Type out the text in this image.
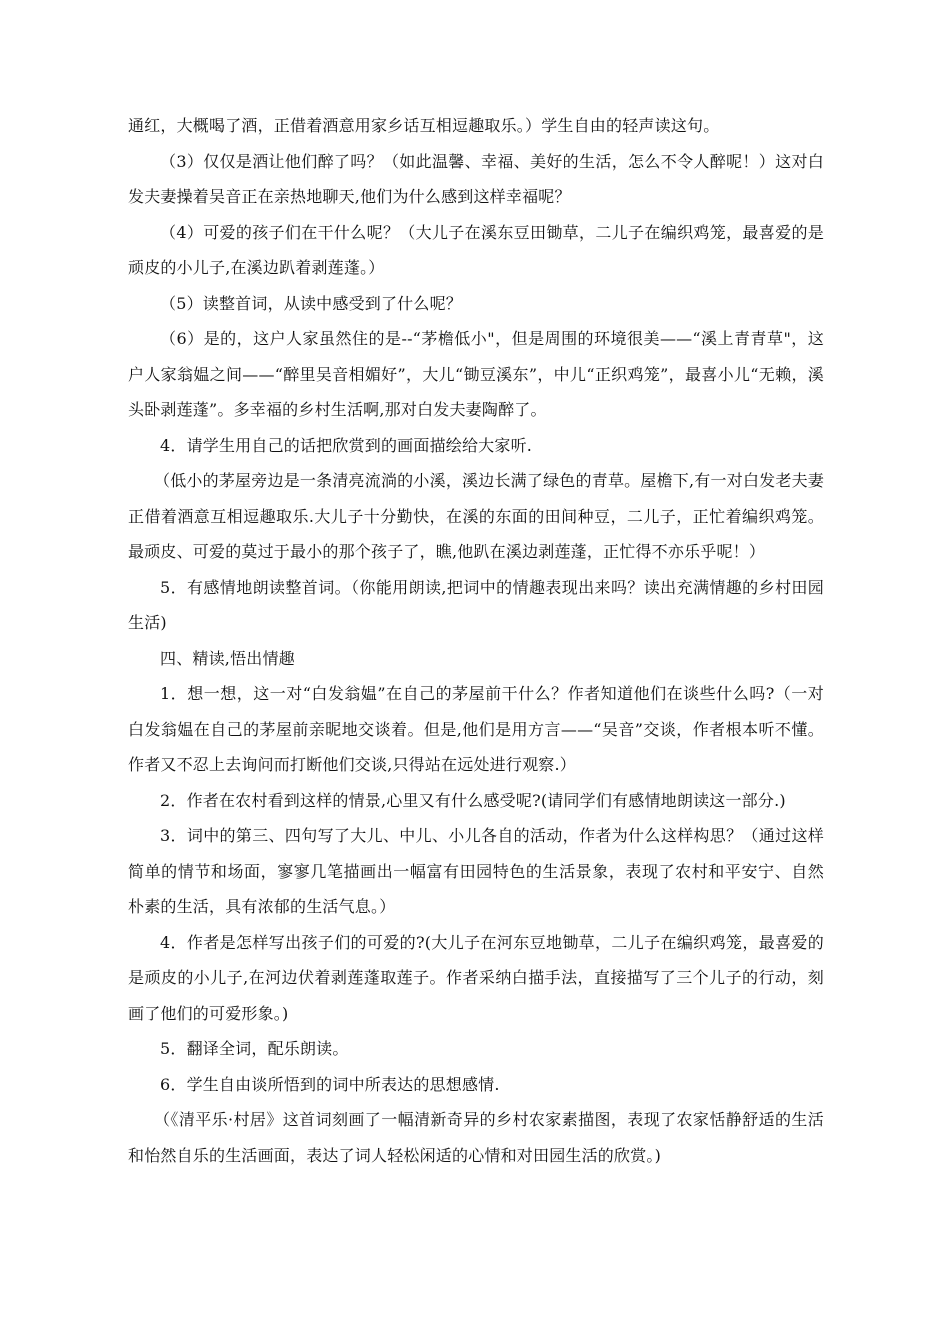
通红，大概喝了酒，正借着酒意用家乡话互相逗趣取乐。）学生自由的轻声读这句。

（3）仅仅是酒让他们醉了吗？（如此温馨、幸福、美好的生活，怎么不令人醉呢！）这对白发夫妻操着吴音正在亲热地聊天,他们为什么感到这样幸福呢？

（4）可爱的孩子们在干什么呢？（大儿子在溪东豆田锄草，二儿子在编织鸡笼，最喜爱的是顽皮的小儿子,在溪边趴着剥莲蓬。）

（5）读整首词，从读中感受到了什么呢？

（6）是的，这户人家虽然住的是--“茅檐低小"，但是周围的环境很美——“溪上青青草"，这户人家翁媪之间——“醉里吴音相媚好”，大儿“锄豆溪东”，中儿“正织鸡笼”，最喜小儿“无赖，溪头卧剥莲蓬”。多幸福的乡村生活啊,那对白发夫妻陶醉了。

4．请学生用自己的话把欣赏到的画面描绘给大家听.

（低小的茅屋旁边是一条清亮流淌的小溪，溪边长满了绿色的青草。屋檐下,有一对白发老夫妻正借着酒意互相逗趣取乐.大儿子十分勤快，在溪的东面的田间种豆，二儿子，正忙着编织鸡笼。最顽皮、可爱的莫过于最小的那个孩子了，瞧,他趴在溪边剥莲蓬，正忙得不亦乐乎呢！）

5．有感情地朗读整首词。（你能用朗读,把词中的情趣表现出来吗？读出充满情趣的乡村田园生活)

四、精读,悟出情趣

1．想一想，这一对“白发翁媪”在自己的茅屋前干什么？作者知道他们在谈些什么吗?（一对白发翁媪在自己的茅屋前亲昵地交谈着。但是,他们是用方言——“吴音”交谈，作者根本听不懂。作者又不忍上去询问而打断他们交谈,只得站在远处进行观察.）

2．作者在农村看到这样的情景,心里又有什么感受呢?(请同学们有感情地朗读这一部分.)

3．词中的第三、四句写了大儿、中儿、小儿各自的活动，作者为什么这样构思？（通过这样简单的情节和场面，寥寥几笔描画出一幅富有田园特色的生活景象，表现了农村和平安宁、自然朴素的生活，具有浓郁的生活气息。）

4．作者是怎样写出孩子们的可爱的?(大儿子在河东豆地锄草，二儿子在编织鸡笼，最喜爱的是顽皮的小儿子,在河边伏着剥莲蓬取莲子。作者采纳白描手法，直接描写了三个儿子的行动，刻画了他们的可爱形象。)

5．翻译全词，配乐朗读。

6．学生自由谈所悟到的词中所表达的思想感情.

（《清平乐·村居》这首词刻画了一幅清新奇异的乡村农家素描图，表现了农家恬静舒适的生活和怡然自乐的生活画面，表达了词人轻松闲适的心情和对田园生活的欣赏。)
